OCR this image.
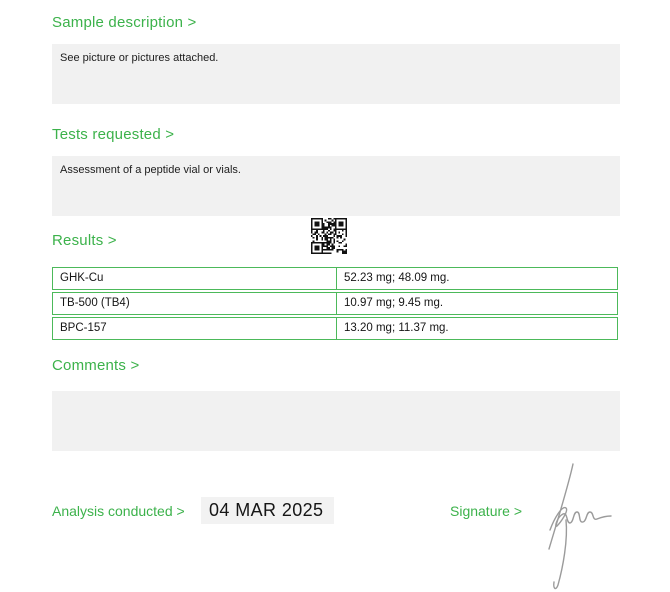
Sample description >
See picture or pictures attached.
Tests requested >
Assessment of a peptide vial or vials.
Results >
GHK-Cu	52.23 mg; 48.09 mg.
TB-500 (TB4)	10.97 mg; 9.45 mg.
BPC-157	13.20 mg; 11.37 mg.
Comments >
Analysis conducted >	04 MAR 2025	Signature >
